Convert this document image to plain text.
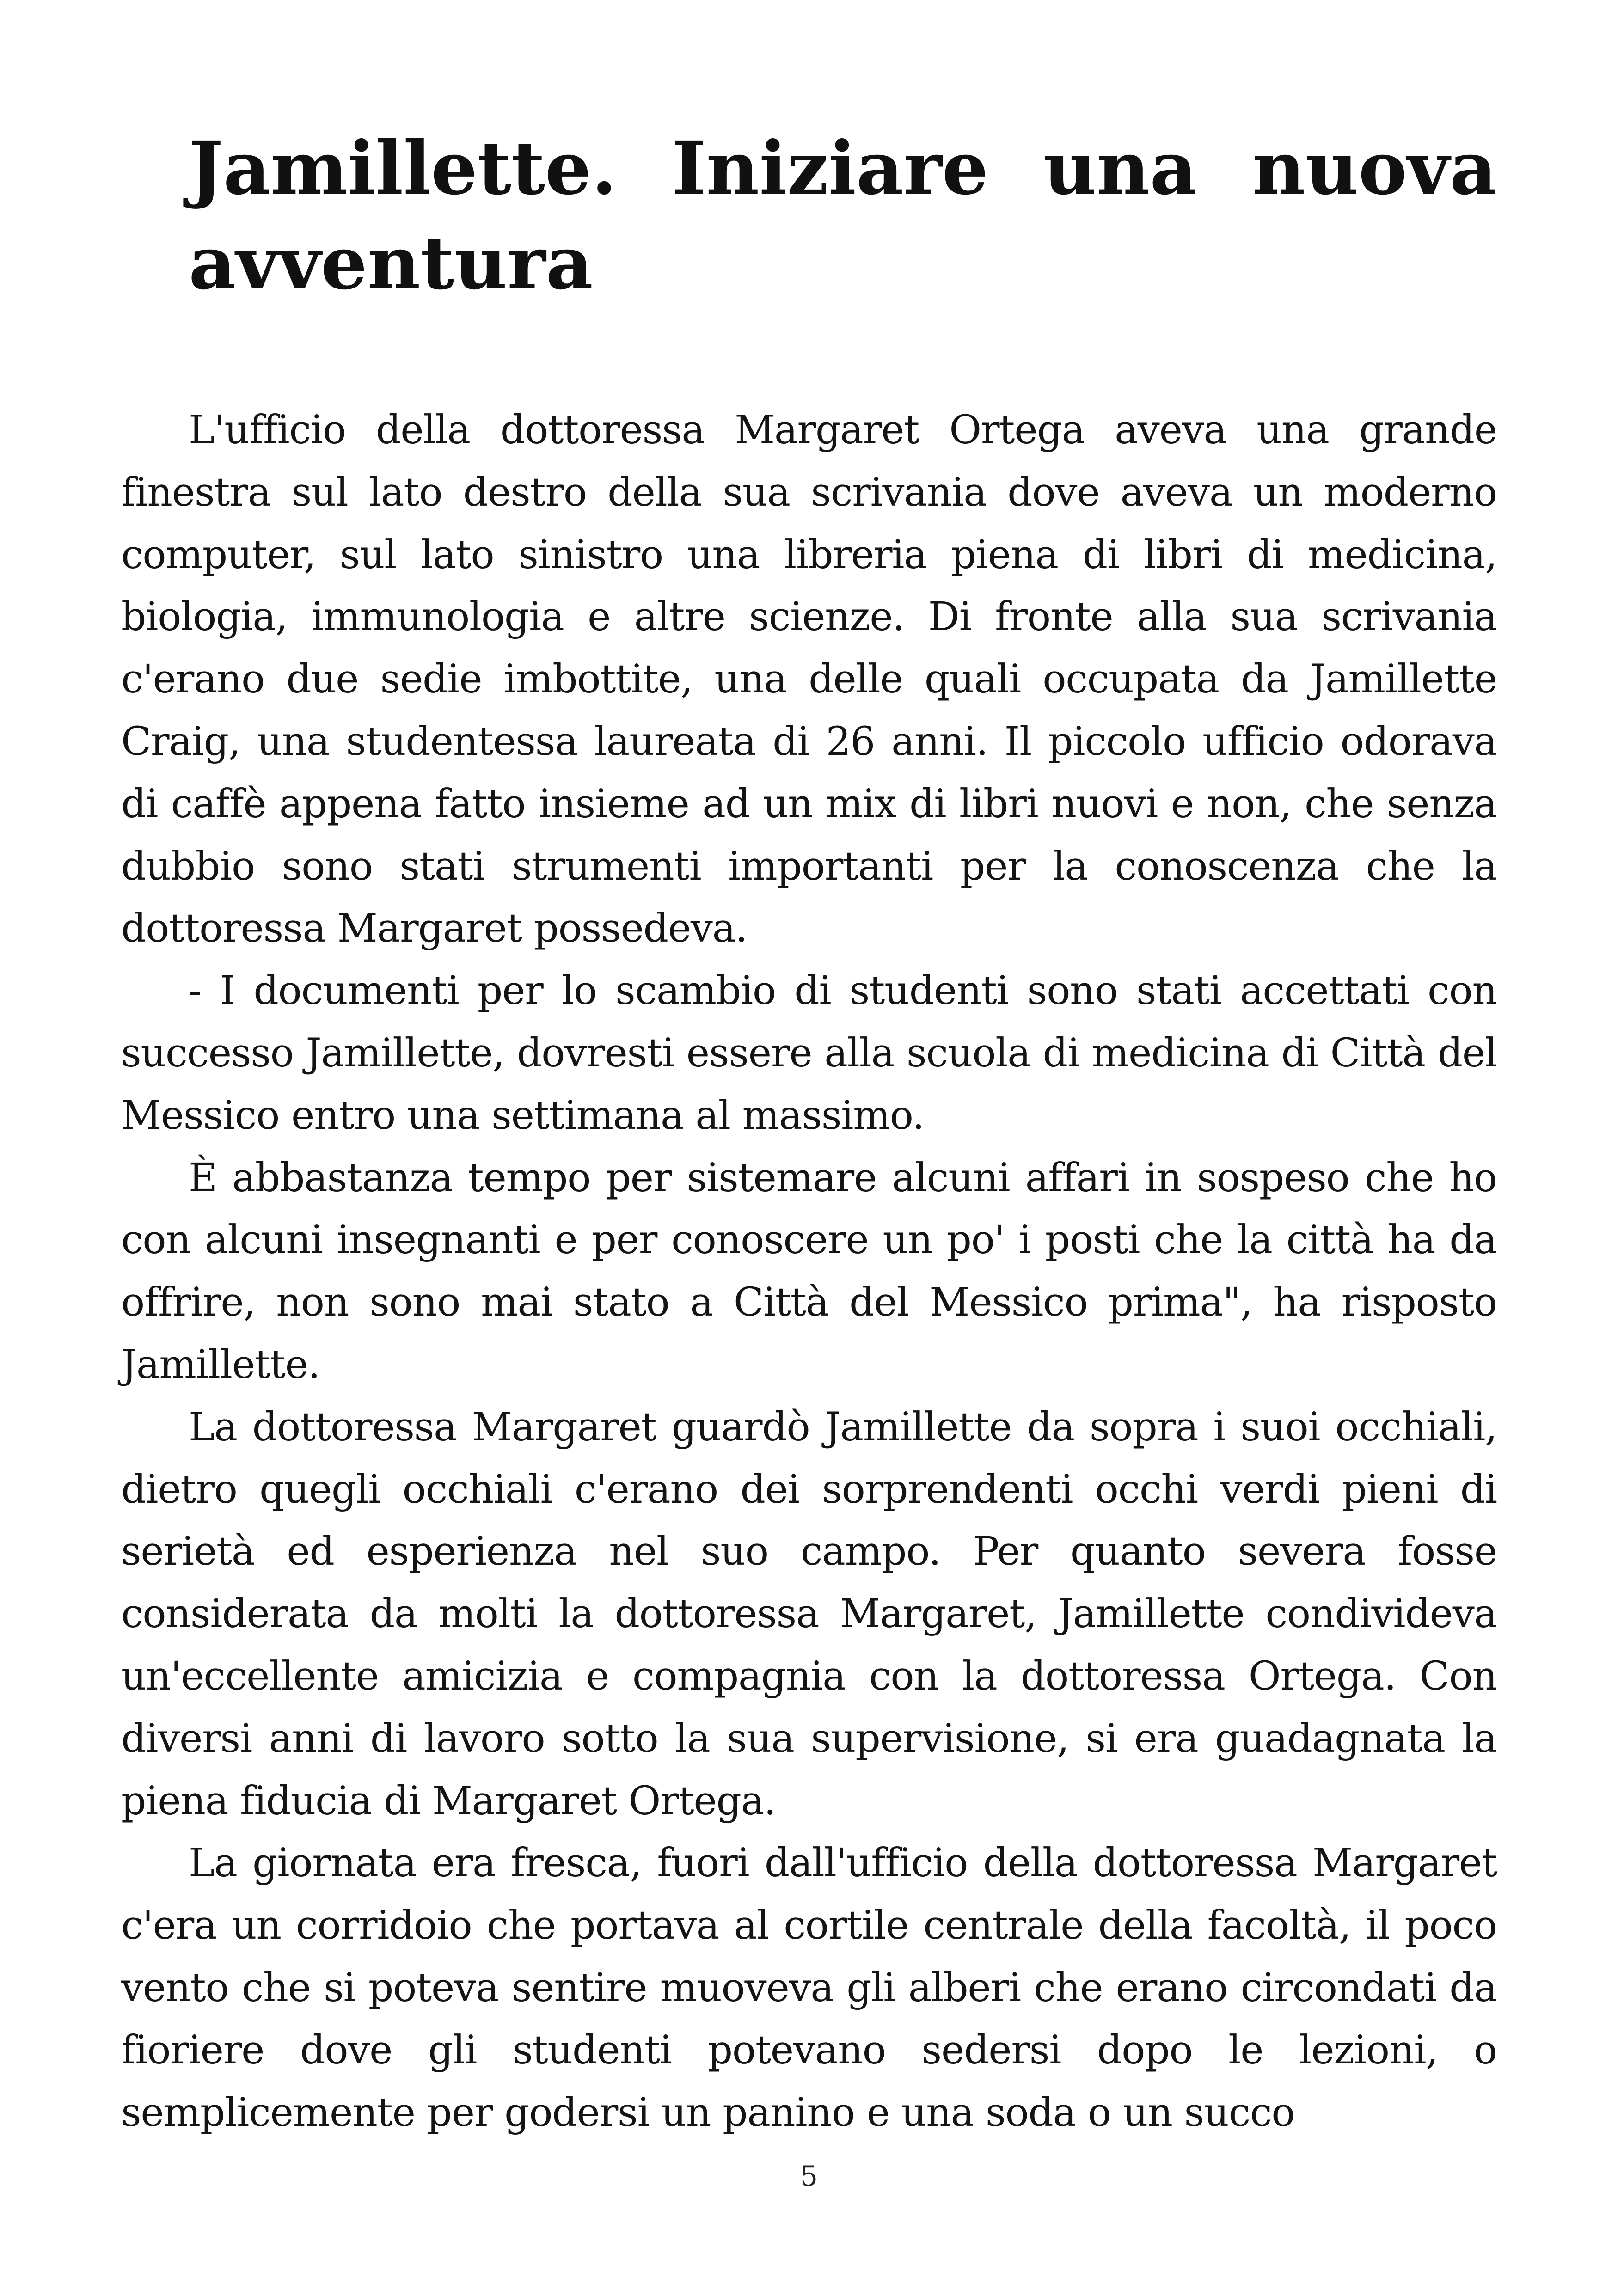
Jamillette. Iniziare una nuova avventura

L'ufficio della dottoressa Margaret Ortega aveva una grande finestra sul lato destro della sua scrivania dove aveva un moderno computer, sul lato sinistro una libreria piena di libri di medicina, biologia, immunologia e altre scienze. Di fronte alla sua scrivania c'erano due sedie imbottite, una delle quali occupata da Jamillette Craig, una studentessa laureata di 26 anni. Il piccolo ufficio odorava di caffè appena fatto insieme ad un mix di libri nuovi e non, che senza dubbio sono stati strumenti importanti per la conoscenza che la dottoressa Margaret possedeva.

- I documenti per lo scambio di studenti sono stati accettati con successo Jamillette, dovresti essere alla scuola di medicina di Città del Messico entro una settimana al massimo.

È abbastanza tempo per sistemare alcuni affari in sospeso che ho con alcuni insegnanti e per conoscere un po' i posti che la città ha da offrire, non sono mai stato a Città del Messico prima", ha risposto Jamillette.

La dottoressa Margaret guardò Jamillette da sopra i suoi occhiali, dietro quegli occhiali c'erano dei sorprendenti occhi verdi pieni di serietà ed esperienza nel suo campo. Per quanto severa fosse considerata da molti la dottoressa Margaret, Jamillette condivideva un'eccellente amicizia e compagnia con la dottoressa Ortega. Con diversi anni di lavoro sotto la sua supervisione, si era guadagnata la piena fiducia di Margaret Ortega.

La giornata era fresca, fuori dall'ufficio della dottoressa Margaret c'era un corridoio che portava al cortile centrale della facoltà, il poco vento che si poteva sentire muoveva gli alberi che erano circondati da fioriere dove gli studenti potevano sedersi dopo le lezioni, o semplicemente per godersi un panino e una soda o un succo

5
